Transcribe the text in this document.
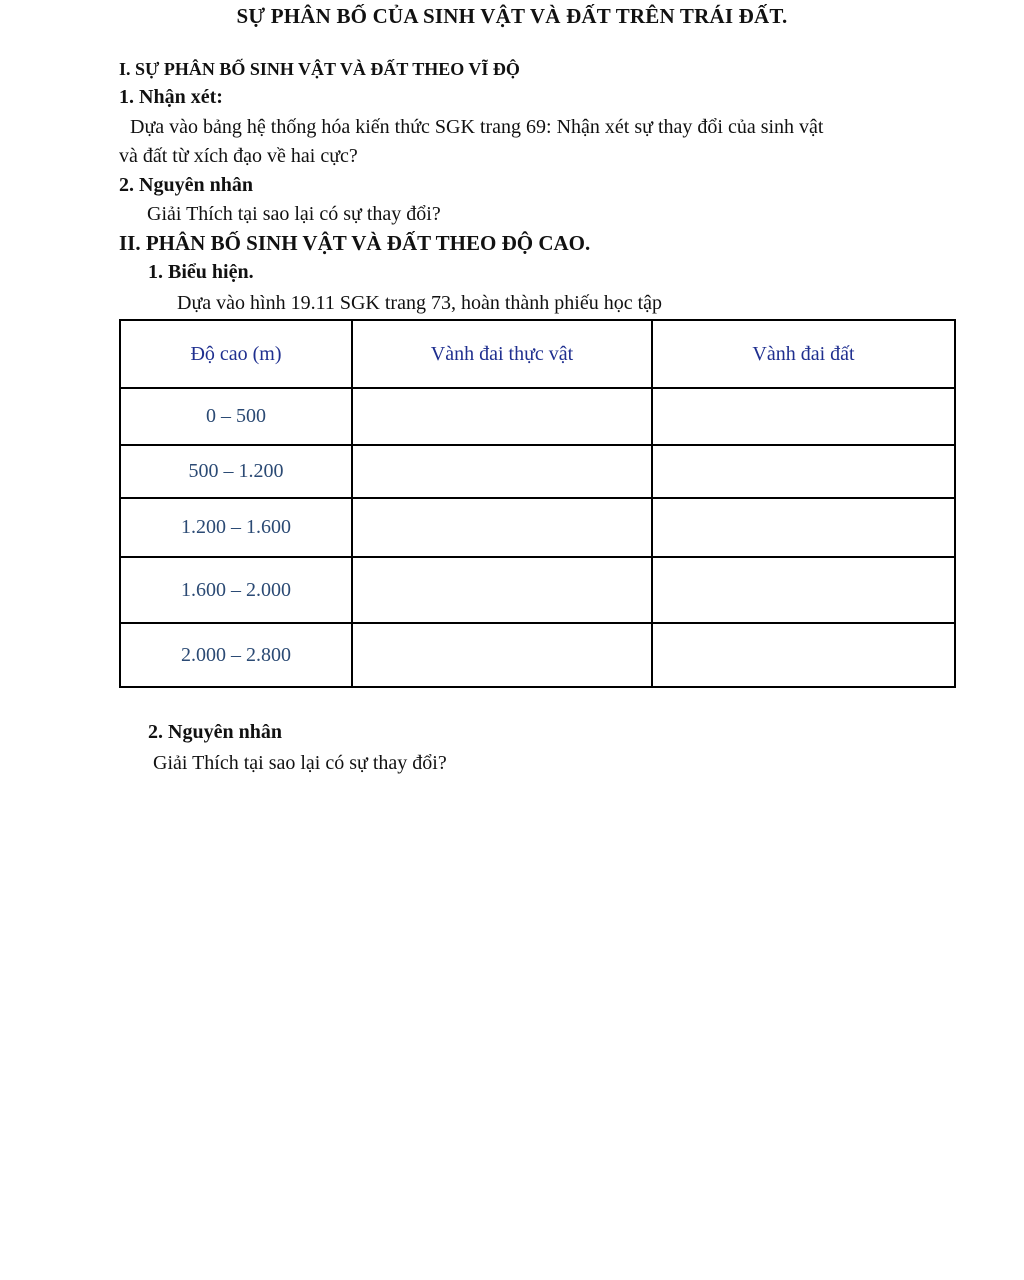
SỰ PHÂN BỐ CỦA SINH VẬT VÀ ĐẤT TRÊN TRÁI ĐẤT.
I. SỰ PHÂN BỐ SINH VẬT VÀ ĐẤT THEO VĨ ĐỘ
1. Nhận xét:
Dựa vào bảng hệ thống hóa kiến thức SGK trang 69: Nhận xét sự thay đổi của sinh vật
và đất từ xích đạo về hai cực?
2. Nguyên nhân
Giải Thích tại sao lại có sự thay đổi?
II. PHÂN BỐ SINH VẬT VÀ ĐẤT THEO ĐỘ CAO.
1. Biểu hiện.
Dựa vào hình 19.11 SGK trang 73, hoàn thành phiếu học tập
Độ cao (m)	Vành đai thực vật	Vành đai đất
0 – 500		
500 – 1.200		
1.200 – 1.600		
1.600 – 2.000		
2.000 – 2.800		
2. Nguyên nhân
Giải Thích tại sao lại có sự thay đổi?
